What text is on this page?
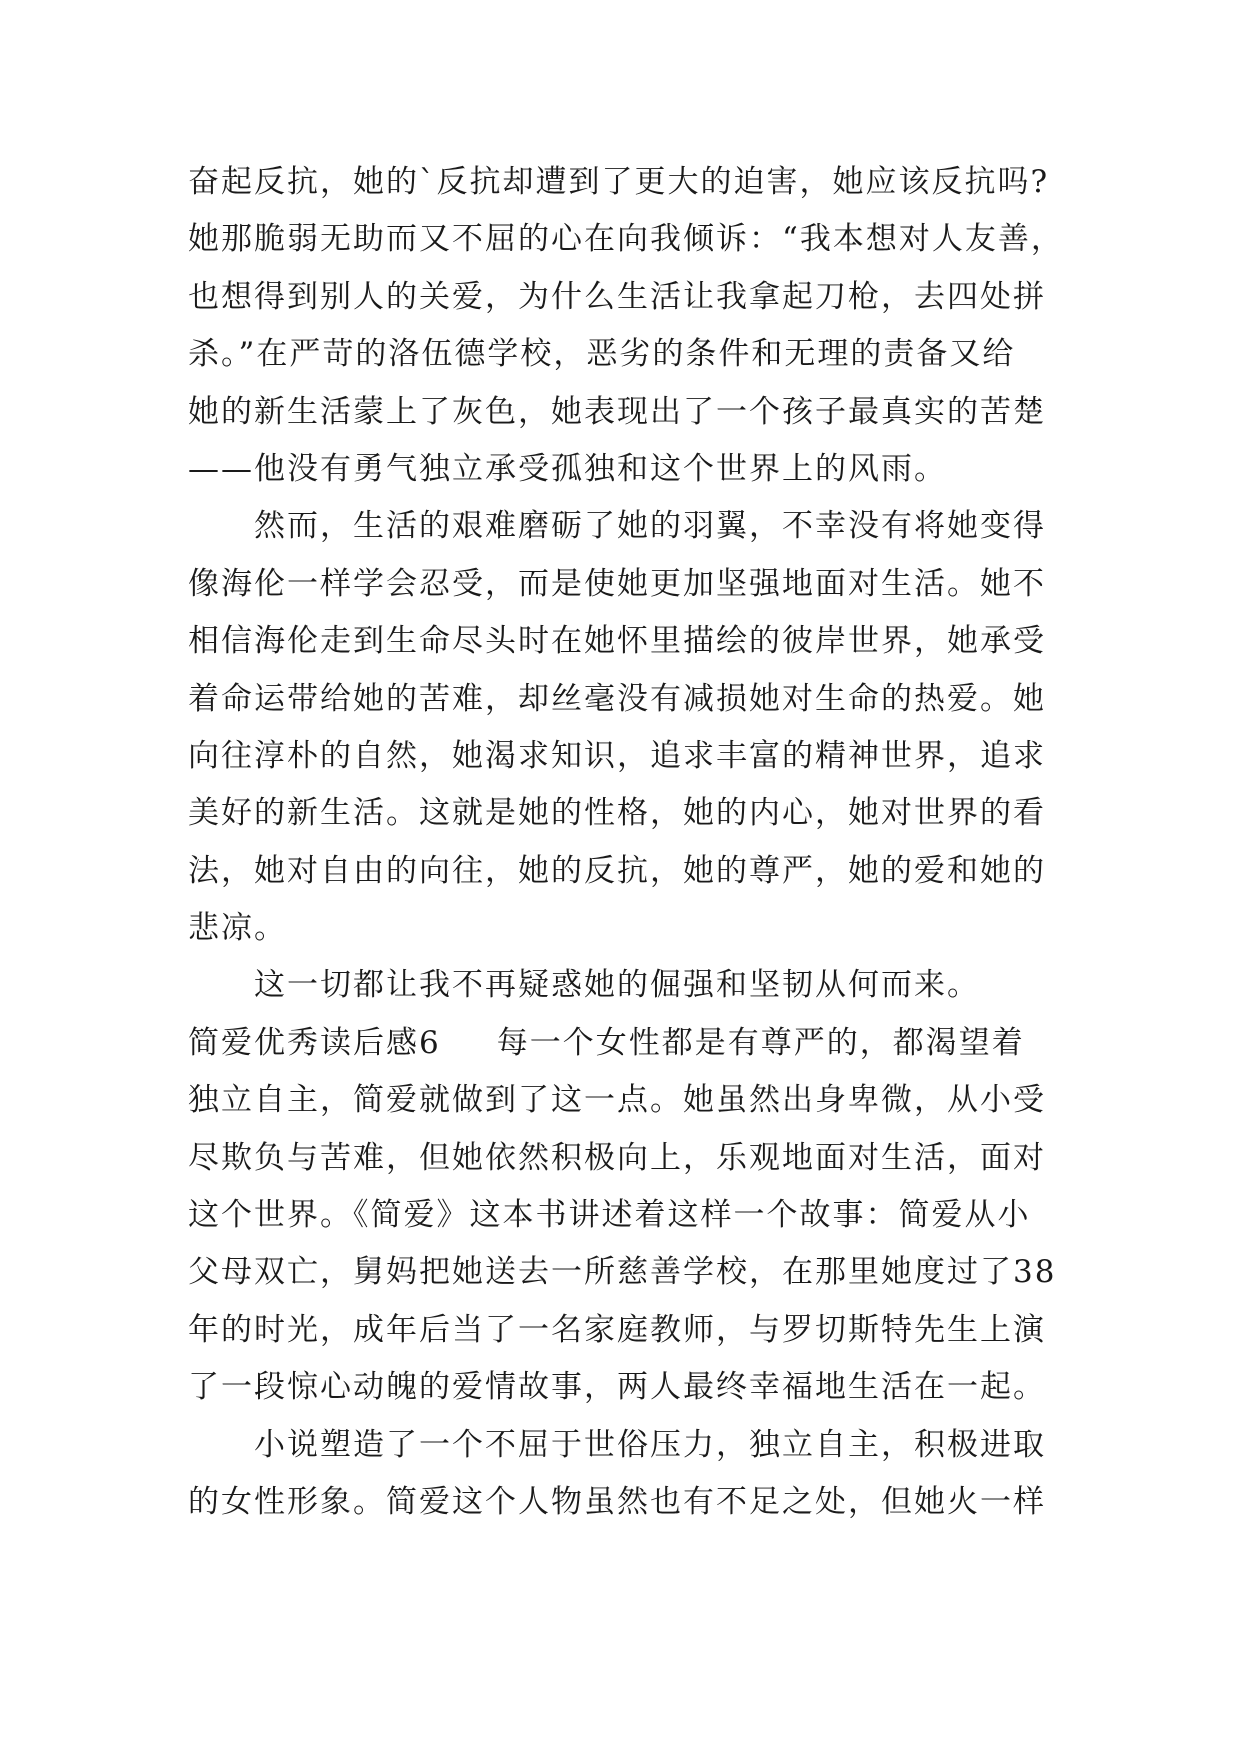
奋起反抗，她的`反抗却遭到了更大的迫害，她应该反抗吗?
她那脆弱无助而又不屈的心在向我倾诉：“我本想对人友善，
也想得到别人的关爱，为什么生活让我拿起刀枪，去四处拼
杀。”在严苛的洛伍德学校，恶劣的条件和无理的责备又给
她的新生活蒙上了灰色，她表现出了一个孩子最真实的苦楚
——他没有勇气独立承受孤独和这个世界上的风雨。
然而，生活的艰难磨砺了她的羽翼，不幸没有将她变得
像海伦一样学会忍受，而是使她更加坚强地面对生活。她不
相信海伦走到生命尽头时在她怀里描绘的彼岸世界，她承受
着命运带给她的苦难，却丝毫没有减损她对生命的热爱。她
向往淳朴的自然，她渴求知识，追求丰富的精神世界，追求
美好的新生活。这就是她的性格，她的内心，她对世界的看
法，她对自由的向往，她的反抗，她的尊严，她的爱和她的
悲凉。
这一切都让我不再疑惑她的倔强和坚韧从何而来。
简爱优秀读后感6 每一个女性都是有尊严的，都渴望着
独立自主，简爱就做到了这一点。她虽然出身卑微，从小受
尽欺负与苦难，但她依然积极向上，乐观地面对生活，面对
这个世界。《简爱》这本书讲述着这样一个故事：简爱从小
父母双亡，舅妈把她送去一所慈善学校，在那里她度过了38
年的时光，成年后当了一名家庭教师，与罗切斯特先生上演
了一段惊心动魄的爱情故事，两人最终幸福地生活在一起。
小说塑造了一个不屈于世俗压力，独立自主，积极进取
的女性形象。简爱这个人物虽然也有不足之处，但她火一样
